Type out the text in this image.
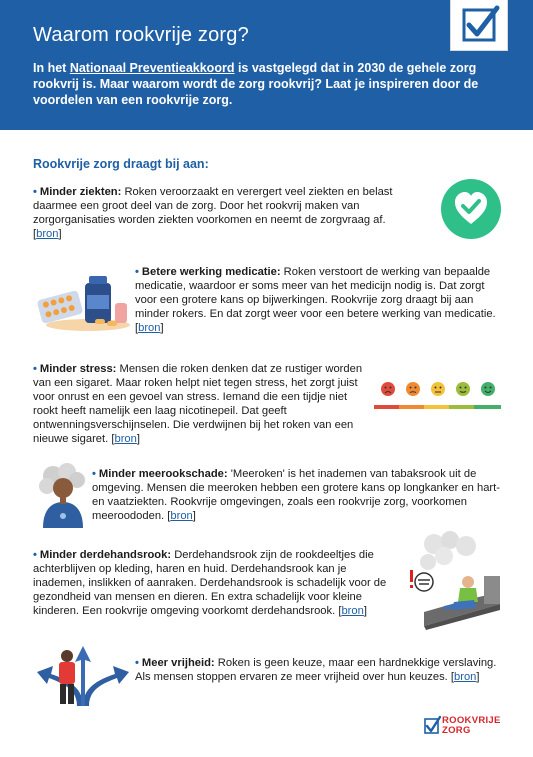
Waarom rookvrije zorg?
In het Nationaal Preventieakkoord is vastgelegd dat in 2030 de gehele zorg rookvrij is. Maar waarom wordt de zorg rookvrij? Laat je inspireren door de voordelen van een rookvrije zorg.
Rookvrije zorg draagt bij aan:
• Minder ziekten: Roken veroorzaakt en verergert veel ziekten en belast daarmee een groot deel van de zorg. Door het rookvrij maken van zorgorganisaties worden ziekten voorkomen en neemt de zorgvraag af. [bron]
• Betere werking medicatie: Roken verstoort de werking van bepaalde medicatie, waardoor er soms meer van het medicijn nodig is. Dat zorgt voor een grotere kans op bijwerkingen. Rookvrije zorg draagt bij aan minder rokers. En dat zorgt weer voor een betere werking van medicatie. [bron]
• Minder stress: Mensen die roken denken dat ze rustiger worden van een sigaret. Maar roken helpt niet tegen stress, het zorgt juist voor onrust en een gevoel van stress. Iemand die een tijdje niet rookt heeft namelijk een laag nicotinepeil. Dat geeft ontwenningsverschijnselen. Die verdwijnen bij het roken van een nieuwe sigaret. [bron]
• Minder meerookschade: 'Meeroken' is het inademen van tabaksrook uit de omgeving. Mensen die meeroken hebben een grotere kans op longkanker en hart- en vaatziekten. Rookvrije omgevingen, zoals een rookvrije zorg, voorkomen meeroododen. [bron]
• Minder derdehandsrook: Derdehandsrook zijn de rookdeeltjes die achterblijven op kleding, haren en huid. Derdehandsrook kan je inademen, inslikken of aanraken. Derdehandsrook is schadelijk voor de gezondheid van mensen en dieren. En extra schadelijk voor kleine kinderen. Een rookvrije omgeving voorkomt derdehandsrook. [bron]
• Meer vrijheid: Roken is geen keuze, maar een hardnekkige verslaving. Als mensen stoppen ervaren ze meer vrijheid over hun keuzes. [bron]
ROOKVRIJE
ZORG
